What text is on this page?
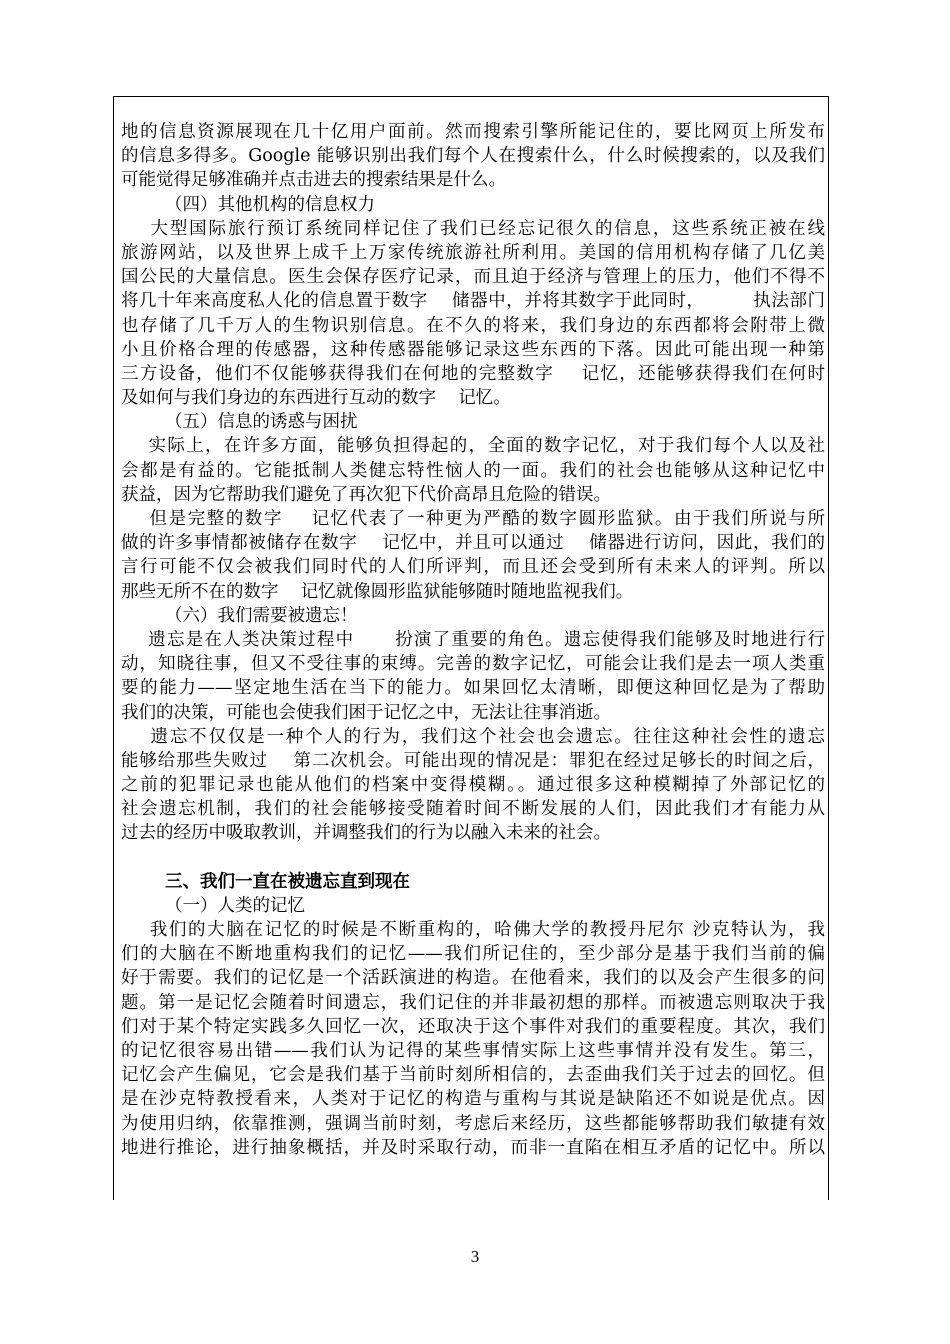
地的信息资源展现在几十亿用户面前。然而搜索引擎所能记住的，要比网页上所发布
的信息多得多。Google 能够识别出我们每个人在搜索什么，什么时候搜索的，以及我们
可能觉得足够准确并点击进去的搜索结果是什么。
（四）其他机构的信息权力
大型国际旅行预订系统同样记住了我们已经忘记很久的信息，这些系统正被在线
旅游网站，以及世界上成千上万家传统旅游社所利用。美国的信用机构存储了几亿美
国公民的大量信息。医生会保存医疗记录，而且迫于经济与管理上的压力，他们不得不
将几十年来高度私人化的信息置于数字    储器中，并将其数字于此同时，        执法部门
也存储了几千万人的生物识别信息。在不久的将来，我们身边的东西都将会附带上微
小且价格合理的传感器，这种传感器能够记录这些东西的下落。因此可能出现一种第
三方设备，他们不仅能够获得我们在何地的完整数字    记忆，还能够获得我们在何时
及如何与我们身边的东西进行互动的数字    记忆。
（五）信息的诱惑与困扰
实际上，在许多方面，能够负担得起的，全面的数字记忆，对于我们每个人以及社
会都是有益的。它能抵制人类健忘特性恼人的一面。我们的社会也能够从这种记忆中
获益，因为它帮助我们避免了再次犯下代价高昂且危险的错误。
但是完整的数字    记忆代表了一种更为严酷的数字圆形监狱。由于我们所说与所
做的许多事情都被储存在数字    记忆中，并且可以通过    储器进行访问，因此，我们的
言行可能不仅会被我们同时代的人们所评判，而且还会受到所有未来人的评判。所以
那些无所不在的数字    记忆就像圆形监狱能够随时随地监视我们。
（六）我们需要被遗忘！
遗忘是在人类决策过程中      扮演了重要的角色。遗忘使得我们能够及时地进行行
动，知晓往事，但又不受往事的束缚。完善的数字记忆，可能会让我们是去一项人类重
要的能力——坚定地生活在当下的能力。如果回忆太清晰，即便这种回忆是为了帮助
我们的决策，可能也会使我们困于记忆之中，无法让往事消逝。
遗忘不仅仅是一种个人的行为，我们这个社会也会遗忘。往往这种社会性的遗忘
能够给那些失败过    第二次机会。可能出现的情况是：罪犯在经过足够长的时间之后，
之前的犯罪记录也能从他们的档案中变得模糊。。通过很多这种模糊掉了外部记忆的
社会遗忘机制，我们的社会能够接受随着时间不断发展的人们，因此我们才有能力从
过去的经历中吸取教训，并调整我们的行为以融入未来的社会。
三、我们一直在被遗忘直到现在
（一）人类的记忆
我们的大脑在记忆的时候是不断重构的，哈佛大学的教授丹尼尔 沙克特认为，我
们的大脑在不断地重构我们的记忆——我们所记住的，至少部分是基于我们当前的偏
好于需要。我们的记忆是一个活跃演进的构造。在他看来，我们的以及会产生很多的问
题。第一是记忆会随着时间遗忘，我们记住的并非最初想的那样。而被遗忘则取决于我
们对于某个特定实践多久回忆一次，还取决于这个事件对我们的重要程度。其次，我们
的记忆很容易出错——我们认为记得的某些事情实际上这些事情并没有发生。第三，
记忆会产生偏见，它会是我们基于当前时刻所相信的，去歪曲我们关于过去的回忆。但
是在沙克特教授看来，人类对于记忆的构造与重构与其说是缺陷还不如说是优点。因
为使用归纳，依靠推测，强调当前时刻，考虑后来经历，这些都能够帮助我们敏捷有效
地进行推论，进行抽象概括，并及时采取行动，而非一直陷在相互矛盾的记忆中。所以
3
